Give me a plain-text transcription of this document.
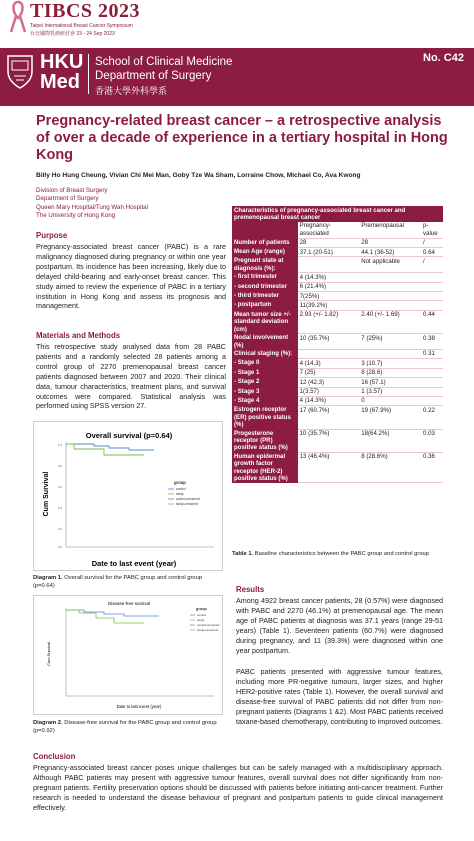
TIBCS 2023
Taipei International Breast Cancer Symposium
台北國際乳癌研討會 23 - 24 Sep 2023
HKU
Med
School of Clinical Medicine
Department of Surgery
香港大學外科學系
No. C42
Pregnancy-related breast cancer – a retrospective analysis of over a decade of experience in a tertiary hospital in Hong Kong
Billy Ho Hung Cheung, Vivian Chi Mei Man, Goby Tze Wa Sham, Lorraine Chow, Michael Co, Ava Kwong
Division of Breast Surgery
Department of Surgery
Queen Mary Hospital/Tung Wah Hospital
The University of Hong Kong
Purpose
Pregnancy-associated breast cancer (PABC) is a rare malignancy diagnosed during pregnancy or within one year postpartum. Its incidence has been increasing, likely due to delayed child-bearing and early-onset breast cancer. This study aimed to review the experience of PABC in a tertiary institution in Hong Kong and assess its prognosis and management.
Materials and Methods
This retrospective study analysed data from 28 PABC patients and a randomly selected 28 patients among a control group of 2270 premenopausal breast cancer patients diagnosed between 2007 and 2020. Their clinical data, tumour characteristics, treatment plans, and survival outcomes were compared. Statistical analysis was performed using SPSS version 27.
Overall survival (p=0.64)
1.0
0.8
0.6
0.4
0.2
0.0
Cum Survival
Date to last event (year)
group
control
study
control-censored
study-censored
Diagram 1. Overall survival for the PABC group and control group (p=0.64)
Disease-free survival
Cum Survival
Date to last event (year)
group
control
study
control-censored
study-censored
Diagram 2. Disease-free survival for the PABC group and control group (p=0.92)
Characteristics of pregnancy-associated breast cancer and premenopausal breast cancer			
	Pregnancy-associated	Premenopausal	p-value
Number of patients	28	28	/
Mean Age (range)	37.1 (20-51)	44.1 (36-52)	0.64
Pregnant state at diagnosis (%):		Not applicable	/
- first trimester	4 (14.3%)		
- second trimester	6 (21.4%)		
- third trimester	7(25%)		
- postpartum	11(39.2%)		
Mean tumor size +/- standard deviation (cm)	2.93 (+/- 1.82)	2.40 (+/- 1.69)	0.44
Nodal involvement (%)	10 (35.7%)	7 (25%)	0.38
Clinical staging (%):			0.31
- Stage 0	4 (14.3)	3 (10.7)	
- Stage 1	7 (25)	8 (28.6)	
- Stage 2	12 (42.3)	16 (57.1)	
- Stage 3	1(3.57)	1 (3.57)	
- Stage 4	4 (14.3%)	0	
Estrogen receptor (ER) positive status (%)	17 (60.7%)	19 (67.9%)	0.22
Progesterone receptor (PR) positive status (%)	10 (35.7%)	18(64.2%)	0.03
Human epidermal growth factor receptor (HER-2) positive status (%)	13 (46.4%)	8 (28.6%)	0.36
Table 1. Baseline characteristics between the PABC group and control group
Results
Among 4922 breast cancer patients, 28 (0.57%) were diagnosed with PABC and 2270 (46.1%) at premenopausal age. The mean age of PABC patients at diagnosis was 37.1 years (range 29-51 years) (Table 1). Seventeen patients (60.7%) were diagnosed during pregnancy, and 11 (39.3%) were diagnosed within one year postpartum.
PABC patients presented with aggressive tumour features, including more PR-negative tumours, larger sizes, and higher HER2-positive rates (Table 1). However, the overall survival and disease-free survival of PABC patients did not differ from non-pregnant patients (Diagrams 1 &2). Most PABC patients received taxane-based chemotherapy, contributing to improved outcomes.
Conclusion
Pregnancy-associated breast cancer poses unique challenges but can be safely managed with a multidisciplinary approach. Although PABC patients may present with aggressive tumour features, overall survival does not differ significantly from non-pregnant patients. Fertility preservation options should be discussed with patients before initiating anti-cancer treatment. Further research is needed to understand the disease behaviour of pregnant and postpartum patients to guide clinical management effectively.
